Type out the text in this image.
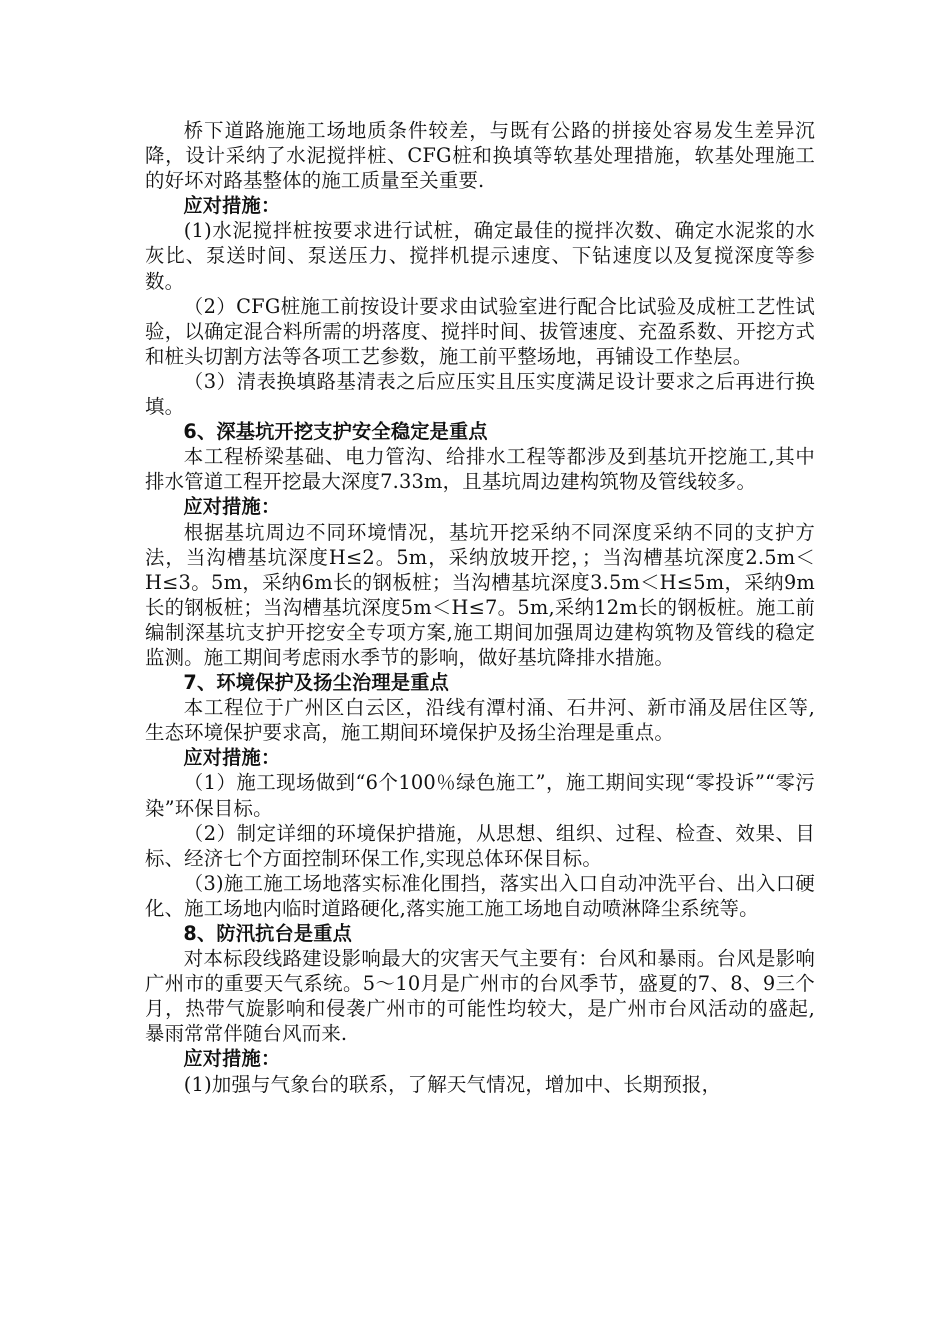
桥下道路施施工场地质条件较差，与既有公路的拼接处容易发生差异沉降，设计采纳了水泥搅拌桩、CFG桩和换填等软基处理措施，软基处理施工的好坏对路基整体的施工质量至关重要.

应对措施：

(1)水泥搅拌桩按要求进行试桩，确定最佳的搅拌次数、确定水泥浆的水灰比、泵送时间、泵送压力、搅拌机提示速度、下钻速度以及复搅深度等参数。

（2）CFG桩施工前按设计要求由试验室进行配合比试验及成桩工艺性试验，以确定混合料所需的坍落度、搅拌时间、拔管速度、充盈系数、开挖方式和桩头切割方法等各项工艺参数，施工前平整场地，再铺设工作垫层。

（3）清表换填路基清表之后应压实且压实度满足设计要求之后再进行换填。

6、深基坑开挖支护安全稳定是重点

本工程桥梁基础、电力管沟、给排水工程等都涉及到基坑开挖施工,其中排水管道工程开挖最大深度7.33m，且基坑周边建构筑物及管线较多。

应对措施：

根据基坑周边不同环境情况，基坑开挖采纳不同深度采纳不同的支护方法，当沟槽基坑深度H≤2。5m，采纳放坡开挖，；当沟槽基坑深度2.5m＜H≤3。5m，采纳6m长的钢板桩；当沟槽基坑深度3.5m＜H≤5m，采纳9m长的钢板桩；当沟槽基坑深度5m＜H≤7。5m,采纳12m长的钢板桩。施工前编制深基坑支护开挖安全专项方案,施工期间加强周边建构筑物及管线的稳定监测。施工期间考虑雨水季节的影响，做好基坑降排水措施。

7、环境保护及扬尘治理是重点

本工程位于广州区白云区，沿线有潭村涌、石井河、新市涌及居住区等,生态环境保护要求高，施工期间环境保护及扬尘治理是重点。

应对措施：

（1）施工现场做到“6个100％绿色施工”，施工期间实现“零投诉”“零污染”环保目标。

（2）制定详细的环境保护措施，从思想、组织、过程、检查、效果、目标、经济七个方面控制环保工作,实现总体环保目标。

（3)施工施工场地落实标准化围挡，落实出入口自动冲洗平台、出入口硬化、施工场地内临时道路硬化,落实施工施工场地自动喷淋降尘系统等。

8、防汛抗台是重点

对本标段线路建设影响最大的灾害天气主要有：台风和暴雨。台风是影响广州市的重要天气系统。5～10月是广州市的台风季节，盛夏的7、8、9三个月，热带气旋影响和侵袭广州市的可能性均较大，是广州市台风活动的盛起,暴雨常常伴随台风而来.

应对措施：

(1)加强与气象台的联系，了解天气情况，增加中、长期预报，
